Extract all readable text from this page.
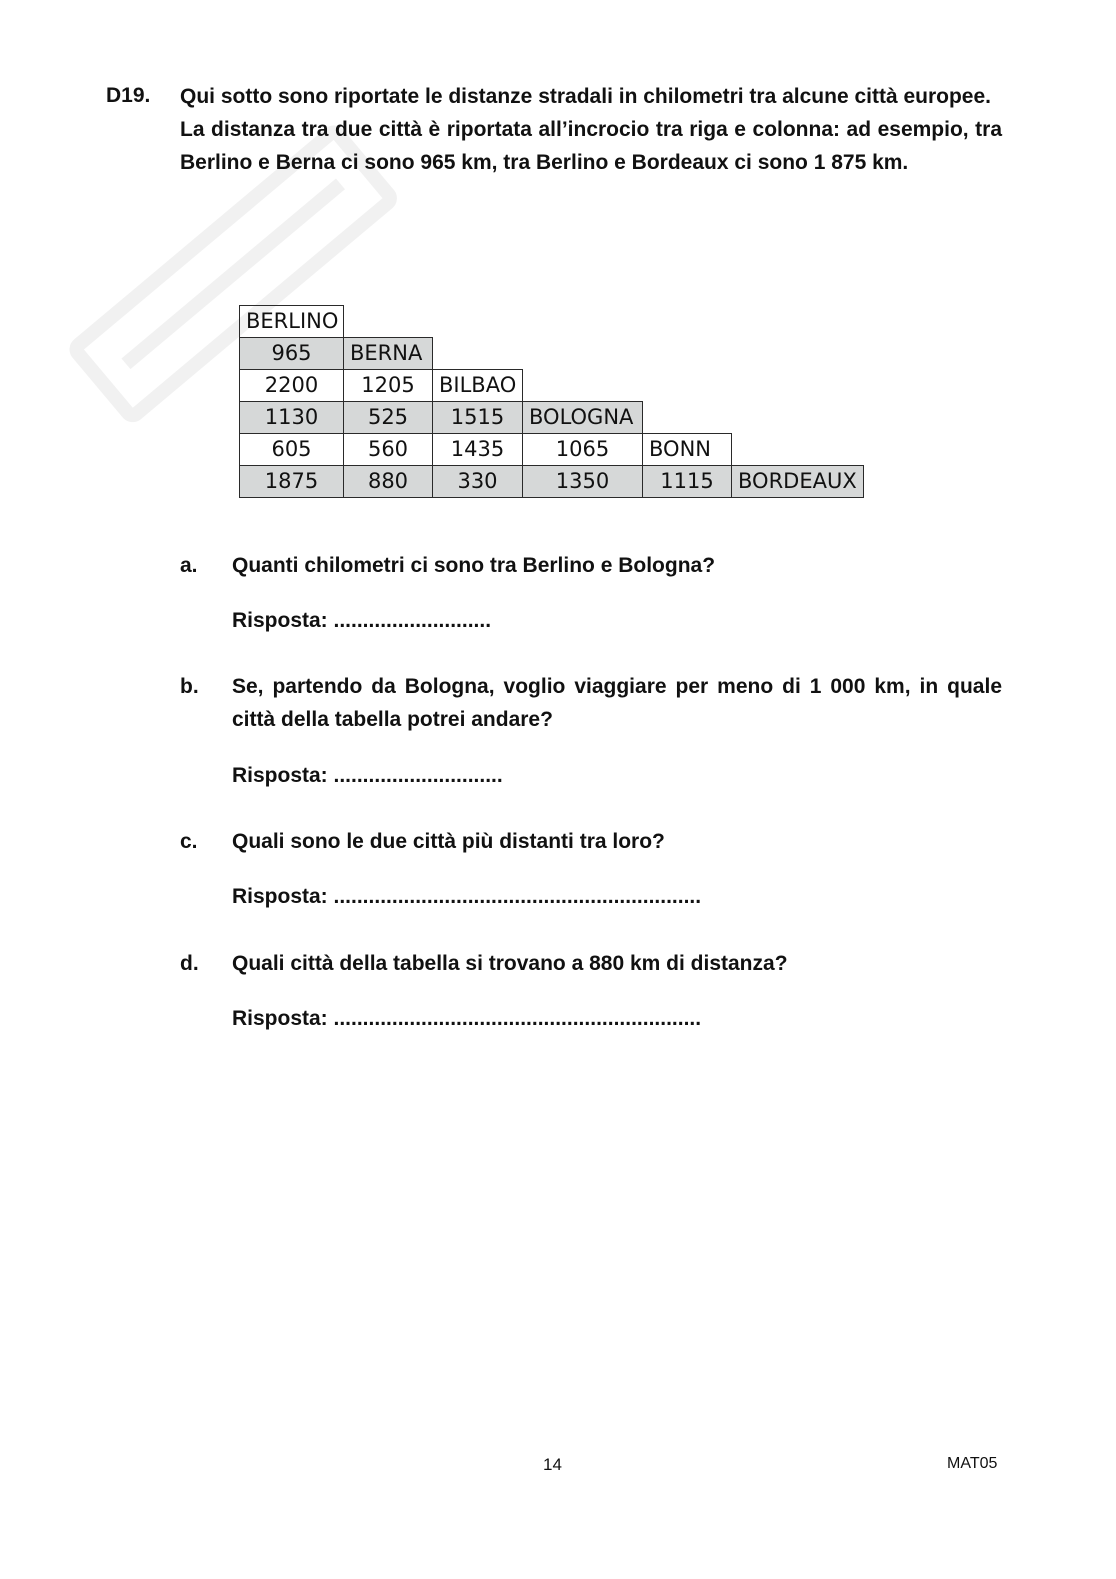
D19. Qui sotto sono riportate le distanze stradali in chilometri tra alcune città europee.

La distanza tra due città è riportata all’incrocio tra riga e colonna: ad esempio, tra Berlino e Berna ci sono 965 km, tra Berlino e Bordeaux ci sono 1 875 km.

BERLINO					
965	BERNA				
2200	1205	BILBAO			
1130	525	1515	BOLOGNA		
605	560	1435	1065	BONN	
1875	880	330	1350	1115	BORDEAUX
a. Quanti chilometri ci sono tra Berlino e Bologna?
Risposta: ...........................
b. Se, partendo da Bologna, voglio viaggiare per meno di 1 000 km, in quale città della tabella potrei andare?
Risposta: .............................
c. Quali sono le due città più distanti tra loro?
Risposta: ...............................................................
d. Quali città della tabella si trovano a 880 km di distanza?
Risposta: ...............................................................
14	MAT05
